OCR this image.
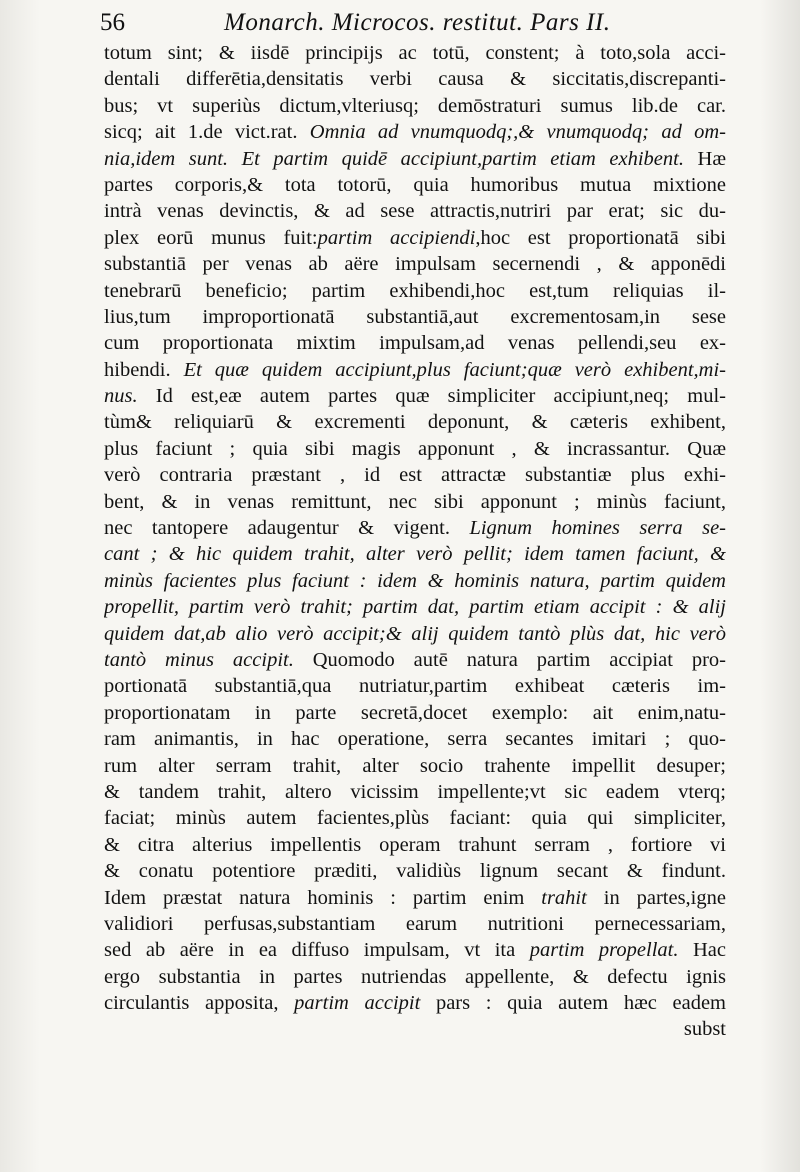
56	Monarch. Microcos. restitut. Pars II.
totum sint; & iisdē principijs ac totū, constent; à toto,sola acci-
dentali differētia,densitatis verbi causa & siccitatis,discrepanti-
bus; vt superiùs dictum,vlteriusq; demōstraturi sumus lib.de car.
sicq; ait 1.de vict.rat. Omnia ad vnumquodq;,& vnumquodq; ad om-
nia,idem sunt. Et partim quidē accipiunt,partim etiam exhibent. Hæ
partes corporis,& tota totorū, quia humoribus mutua mixtione
intrà venas devinctis, & ad sese attractis,nutriri par erat; sic du-
plex eorū munus fuit:partim accipiendi,hoc est proportionatā sibi
substantiā per venas ab aëre impulsam secernendi , & apponēdi
tenebrarū beneficio; partim exhibendi,hoc est,tum reliquias il-
lius,tum improportionatā substantiā,aut excrementosam,in sese
cum proportionata mixtim impulsam,ad venas pellendi,seu ex-
hibendi. Et quæ quidem accipiunt,plus faciunt;quæ verò exhibent,mi-
nus. Id est,eæ autem partes quæ simpliciter accipiunt,neq; mul-
tùm& reliquiarū & excrementi deponunt, & cæteris exhibent,
plus faciunt ; quia sibi magis apponunt , & incrassantur. Quæ
verò contraria præstant , id est attractæ substantiæ plus exhi-
bent, & in venas remittunt, nec sibi apponunt ; minùs faciunt,
nec tantopere adaugentur & vigent. Lignum homines serra se-
cant ; & hic quidem trahit, alter verò pellit; idem tamen faciunt, &
minùs facientes plus faciunt : idem & hominis natura, partim quidem
propellit, partim verò trahit; partim dat, partim etiam accipit : & alij
quidem dat,ab alio verò accipit;& alij quidem tantò plùs dat, hic verò
tantò minus accipit. Quomodo autē natura partim accipiat pro-
portionatā substantiā,qua nutriatur,partim exhibeat cæteris im-
proportionatam in parte secretā,docet exemplo: ait enim,natu-
ram animantis, in hac operatione, serra secantes imitari ; quo-
rum alter serram trahit, alter socio trahente impellit desuper;
& tandem trahit, altero vicissim impellente;vt sic eadem vterq;
faciat; minùs autem facientes,plùs faciant: quia qui simpliciter,
& citra alterius impellentis operam trahunt serram , fortiore vi
& conatu potentiore præditi, validiùs lignum secant & findunt.
Idem præstat natura hominis : partim enim trahit in partes,igne
validiori perfusas,substantiam earum nutritioni pernecessariam,
sed ab aëre in ea diffuso impulsam, vt ita partim propellat. Hac
ergo substantia in partes nutriendas appellente, & defectu ignis
circulantis apposita, partim accipit pars : quia autem hæc eadem
subst
